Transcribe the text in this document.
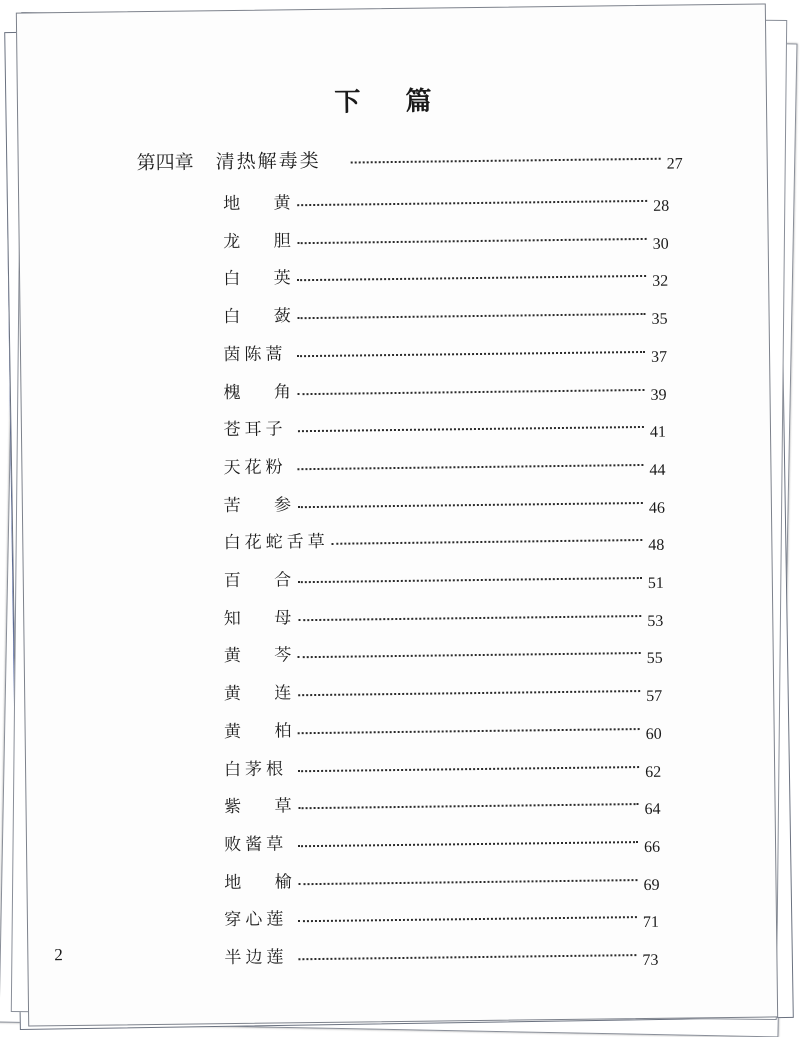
下 篇
第四章 清热解毒类	27
地 黄	28
龙 胆	30
白 英	32
白 蔹	35
茵陈蒿	37
槐 角	39
苍耳子	41
天花粉	44
苦 参	46
白花蛇舌草	48
百 合	51
知 母	53
黄 芩	55
黄 连	57
黄 柏	60
白茅根	62
紫 草	64
败酱草	66
地 榆	69
穿心莲	71
半边莲	73
2
